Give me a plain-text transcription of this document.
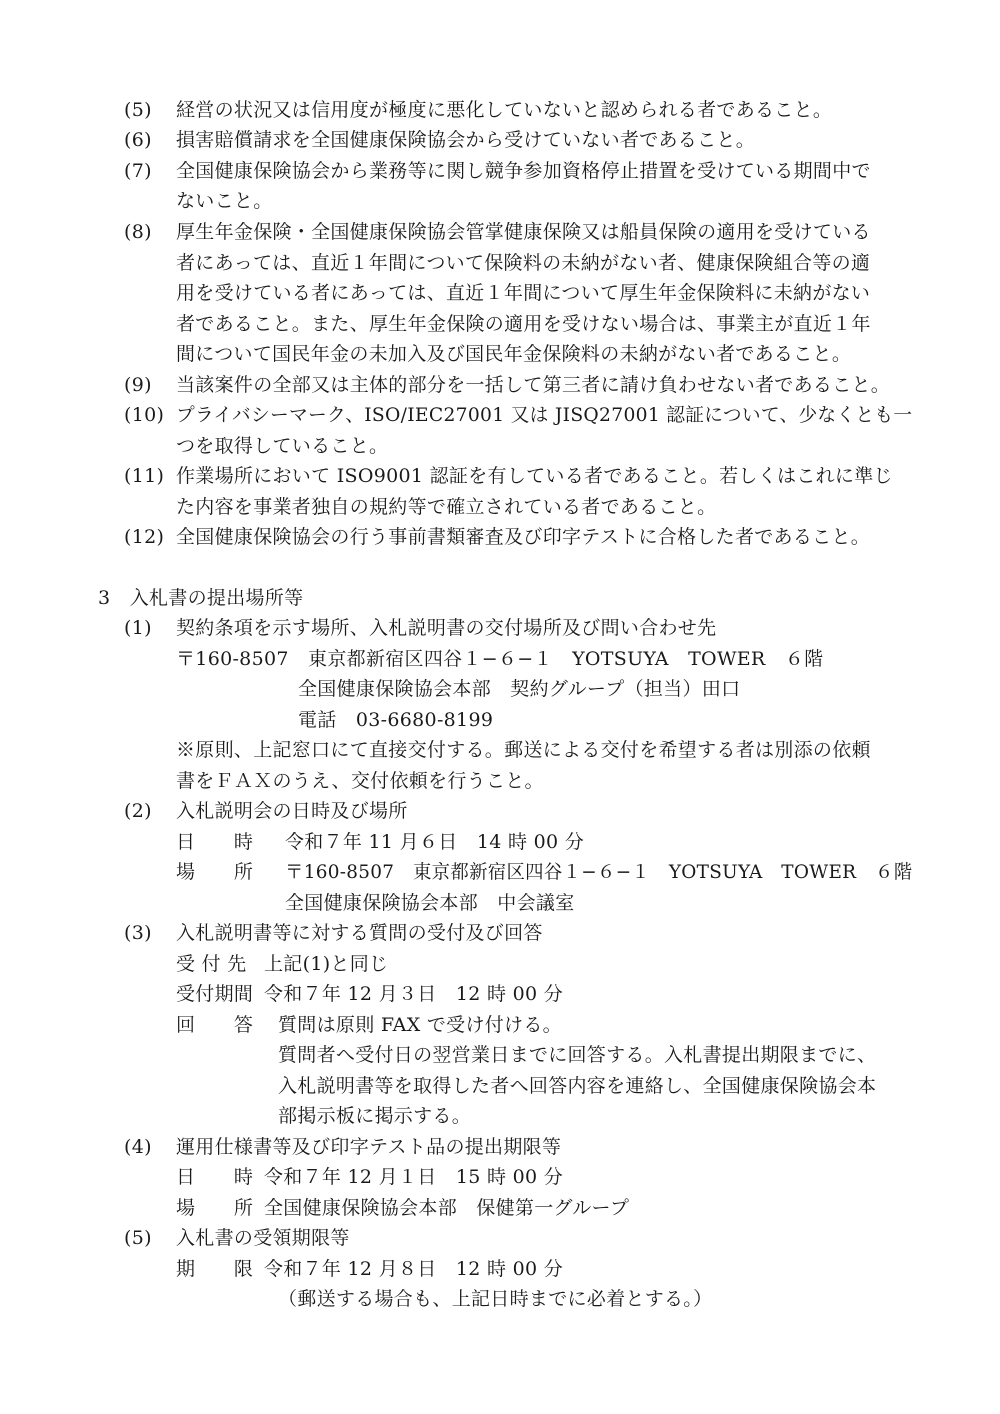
(5) 経営の状況又は信用度が極度に悪化していないと認められる者であること。
(6) 損害賠償請求を全国健康保険協会から受けていない者であること。
(7) 全国健康保険協会から業務等に関し競争参加資格停止措置を受けている期間中で
ないこと。
(8) 厚生年金保険・全国健康保険協会管掌健康保険又は船員保険の適用を受けている
者にあっては、直近１年間について保険料の未納がない者、健康保険組合等の適
用を受けている者にあっては、直近１年間について厚生年金保険料に未納がない
者であること。また、厚生年金保険の適用を受けない場合は、事業主が直近１年
間について国民年金の未加入及び国民年金保険料の未納がない者であること。
(9) 当該案件の全部又は主体的部分を一括して第三者に請け負わせない者であること。
(10) プライバシーマーク、ISO/IEC27001 又は JISQ27001 認証について、少なくとも一
つを取得していること。
(11) 作業場所において ISO9001 認証を有している者であること。若しくはこれに準じ
た内容を事業者独自の規約等で確立されている者であること。
(12) 全国健康保険協会の行う事前書類審査及び印字テストに合格した者であること。
3　入札書の提出場所等
(1) 契約条項を示す場所、入札説明書の交付場所及び問い合わせ先
〒160-8507　東京都新宿区四谷１−６−１　YOTSUYA　TOWER　６階
全国健康保険協会本部　契約グループ（担当）田口
電話　03-6680-8199
※原則、上記窓口にて直接交付する。郵送による交付を希望する者は別添の依頼
書をＦＡＸのうえ、交付依頼を行うこと。
(2) 入札説明会の日時及び場所
日　　時 令和７年 11 月６日　14 時 00 分
場　　所 〒160-8507　東京都新宿区四谷１−６−１　YOTSUYA　TOWER　６階
全国健康保険協会本部　中会議室
(3) 入札説明書等に対する質問の受付及び回答
受 付 先 上記(1)と同じ
受付期間 令和７年 12 月３日　12 時 00 分
回　　答 質問は原則 FAX で受け付ける。
質問者へ受付日の翌営業日までに回答する。入札書提出期限までに、
入札説明書等を取得した者へ回答内容を連絡し、全国健康保険協会本
部掲示板に掲示する。
(4) 運用仕様書等及び印字テスト品の提出期限等
日　　時 令和７年 12 月１日　15 時 00 分
場　　所 全国健康保険協会本部　保健第一グループ
(5) 入札書の受領期限等
期　　限 令和７年 12 月８日　12 時 00 分
（郵送する場合も、上記日時までに必着とする。）
